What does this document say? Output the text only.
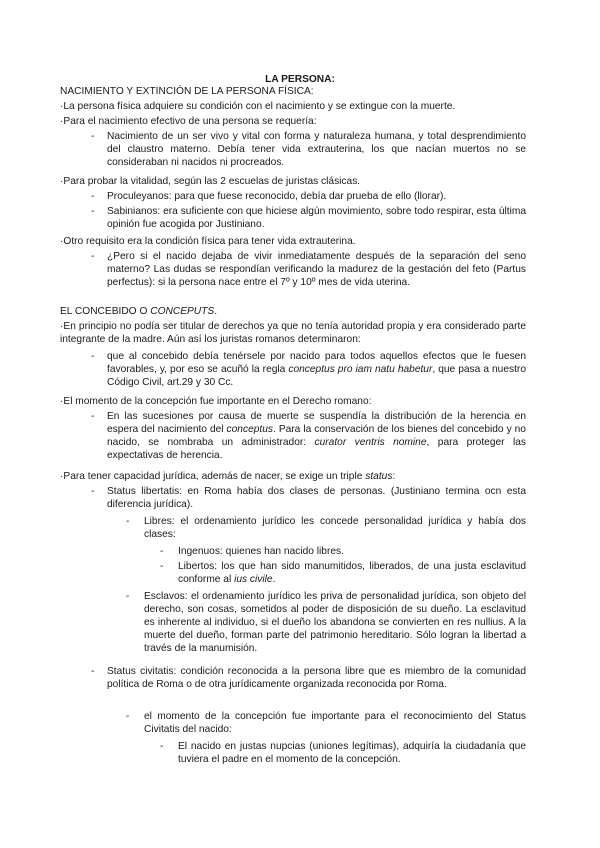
LA PERSONA:
NACIMIENTO Y EXTINCIÓN DE LA PERSONA FÍSICA:
·La persona física adquiere su condición con el nacimiento y se extingue con la muerte.
·Para el nacimiento efectivo de una persona se requería:
- Nacimiento de un ser vivo y vital con forma y naturaleza humana, y total desprendimiento del claustro materno. Debía tener vida extrauterina, los que nacían muertos no se consideraban ni nacidos ni procreados.
·Para probar la vitalidad, según las 2 escuelas de juristas clásicas.
- Proculeyanos: para que fuese reconocido, debía dar prueba de ello (llorar).
- Sabinianos: era suficiente con que hiciese algún movimiento, sobre todo respirar, esta última opinión fue acogida por Justiniano.
·Otro requisito era la condición física para tener vida extrauterina.
- ¿Pero si el nacido dejaba de vivir inmediatamente después de la separación del seno materno? Las dudas se respondían verificando la madurez de la gestación del feto (Partus perfectus): si la persona nace entre el 7º y 10º mes de vida uterina.
EL CONCEBIDO O CONCEPUTS.
·En principio no podía ser titular de derechos ya que no tenía autoridad propia y era considerado parte integrante de la madre. Aún así los juristas romanos determinaron:
- que al concebido debía tenérsele por nacido para todos aquellos efectos que le fuesen favorables, y, por eso se acuñó la regla conceptus pro iam natu habetur, que pasa a nuestro Código Civil, art.29 y 30 Cc.
·El momento de la concepción fue importante en el Derecho romano:
- En las sucesiones por causa de muerte se suspendía la distribución de la herencia en espera del nacimiento del conceptus. Para la conservación de los bienes del concebido y no nacido, se nombraba un administrador: curator ventris nomine, para proteger las expectativas de herencia.
·Para tener capacidad jurídica, además de nacer, se exige un triple status:
- Status libertatis: en Roma había dos clases de personas. (Justiniano termina ocn esta diferencia jurídica).
- Libres: el ordenamiento jurídico les concede personalidad jurídica y había dos clases:
- Ingenuos: quienes han nacido libres.
- Libertos: los que han sido manumitidos, liberados, de una justa esclavitud conforme al ius civile.
- Esclavos: el ordenamiento jurídico les priva de personalidad jurídica, son objeto del derecho, son cosas, sometidos al poder de disposición de su dueño. La esclavitud es inherente al individuo, si el dueño los abandona se convierten en res nullius. A la muerte del dueño, forman parte del patrimonio hereditario. Sólo logran la libertad a través de la manumisión.
- Status civitatis: condición reconocida a la persona libre que es miembro de la comunidad política de Roma o de otra jurídicamente organizada reconocida por Roma.
- el momento de la concepción fue importante para el reconocimiento del Status Civitatis del nacido:
- El nacido en justas nupcias (uniones legítimas), adquiría la ciudadanía que tuviera el padre en el momento de la concepción.
